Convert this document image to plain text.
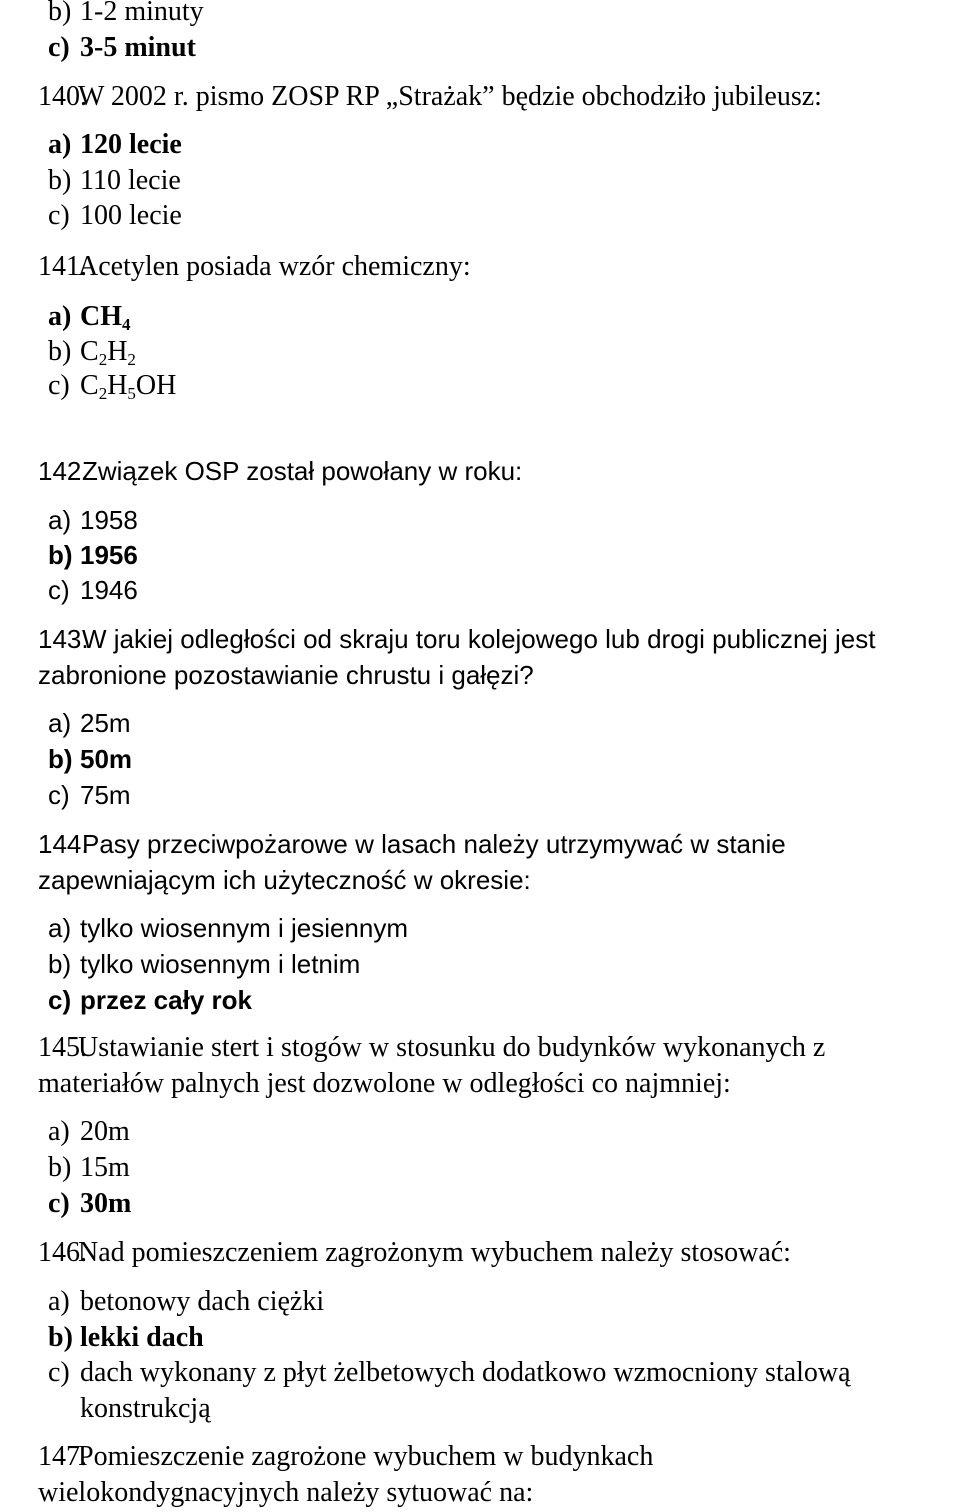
b) 1-2 minuty
c) 3-5 minut
140.W 2002 r. pismo ZOSP RP „Strażak” będzie obchodziło jubileusz:
a) 120 lecie
b) 110 lecie
c) 100 lecie
141.Acetylen posiada wzór chemiczny:
a) $CH_4$
b) $C_2H_2$
c) $C_2H_5OH$
142.Związek OSP został powołany w roku:
a) 1958
b) 1956
c) 1946
143.W jakiej odległości od skraju toru kolejowego lub drogi publicznej jest
zabronione pozostawianie chrustu i gałęzi?
a) 25m
b) 50m
c) 75m
144.Pasy przeciwpożarowe w lasach należy utrzymywać w stanie
zapewniającym ich użyteczność w okresie:
a) tylko wiosennym i jesiennym
b) tylko wiosennym i letnim
c) przez cały rok
145.Ustawianie stert i stogów w stosunku do budynków wykonanych z
materiałów palnych jest dozwolone w odległości co najmniej:
a) 20m
b) 15m
c) 30m
146.Nad pomieszczeniem zagrożonym wybuchem należy stosować:
a) betonowy dach ciężki
b) lekki dach
c) dach wykonany z płyt żelbetowych dodatkowo wzmocniony stalową
konstrukcją
147.Pomieszczenie zagrożone wybuchem w budynkach
wielokondygnacyjnych należy sytuować na:
